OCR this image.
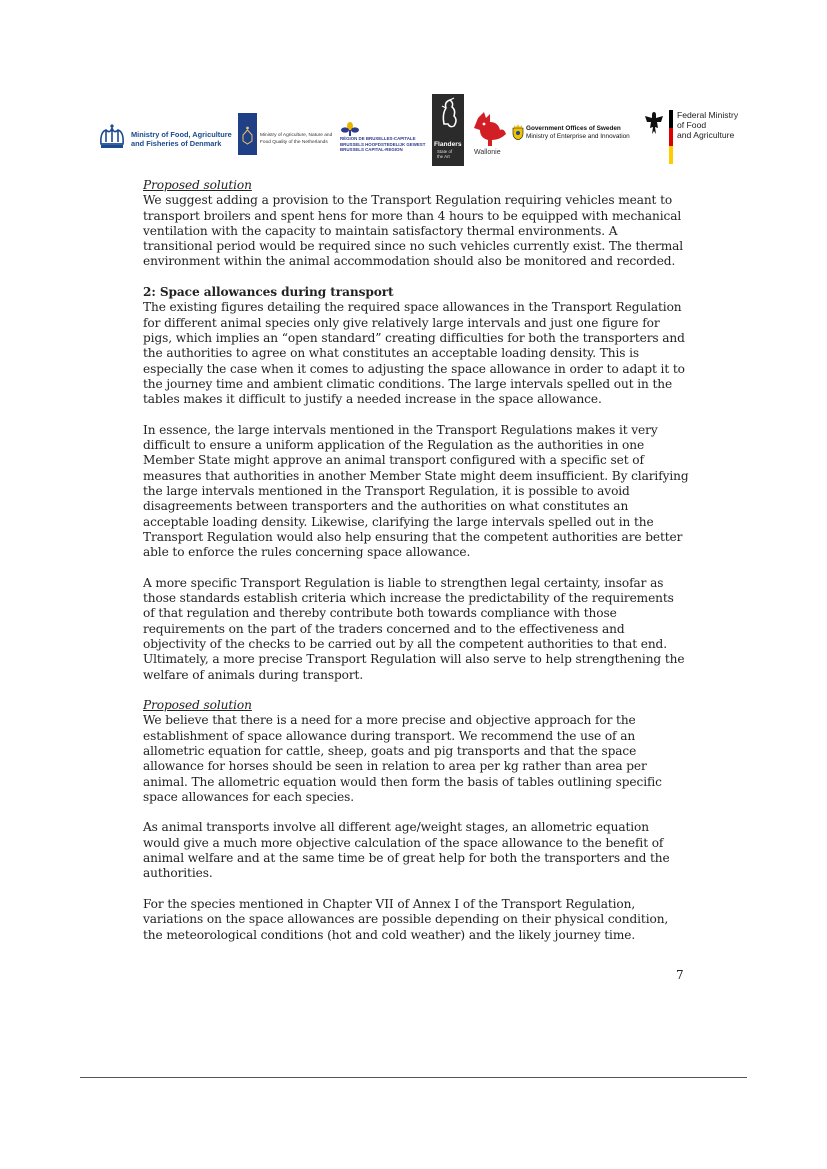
Ministry of Food, Agriculture
and Fisheries of Denmark
Ministry of Agriculture, Nature and
Food Quality of the Netherlands
RÉGION DE BRUXELLES-CAPITALE
BRUSSELS HOOFDSTEDELIJK GEWEST
BRUSSELS CAPITAL-REGION
Flanders
State of
the Art
Wallonie
Government Offices of Sweden
Ministry of Enterprise and Innovation
Federal Ministry
of Food
and Agriculture

Proposed solution

We suggest adding a provision to the Transport Regulation requiring vehicles meant to transport broilers and spent hens for more than 4 hours to be equipped with mechanical ventilation with the capacity to maintain satisfactory thermal environments. A transitional period would be required since no such vehicles currently exist. The thermal environment within the animal accommodation should also be monitored and recorded.

2: Space allowances during transport

The existing figures detailing the required space allowances in the Transport Regulation for different animal species only give relatively large intervals and just one figure for pigs, which implies an “open standard” creating difficulties for both the transporters and the authorities to agree on what constitutes an acceptable loading density. This is especially the case when it comes to adjusting the space allowance in order to adapt it to the journey time and ambient climatic conditions. The large intervals spelled out in the tables makes it difficult to justify a needed increase in the space allowance.

In essence, the large intervals mentioned in the Transport Regulations makes it very difficult to ensure a uniform application of the Regulation as the authorities in one Member State might approve an animal transport configured with a specific set of measures that authorities in another Member State might deem insufficient. By clarifying the large intervals mentioned in the Transport Regulation, it is possible to avoid disagreements between transporters and the authorities on what constitutes an acceptable loading density. Likewise, clarifying the large intervals spelled out in the Transport Regulation would also help ensuring that the competent authorities are better able to enforce the rules concerning space allowance.

A more specific Transport Regulation is liable to strengthen legal certainty, insofar as those standards establish criteria which increase the predictability of the requirements of that regulation and thereby contribute both towards compliance with those requirements on the part of the traders concerned and to the effectiveness and objectivity of the checks to be carried out by all the competent authorities to that end. Ultimately, a more precise Transport Regulation will also serve to help strengthening the welfare of animals during transport.

Proposed solution

We believe that there is a need for a more precise and objective approach for the establishment of space allowance during transport. We recommend the use of an allometric equation for cattle, sheep, goats and pig transports and that the space allowance for horses should be seen in relation to area per kg rather than area per animal. The allometric equation would then form the basis of tables outlining specific space allowances for each species.

As animal transports involve all different age/weight stages, an allometric equation would give a much more objective calculation of the space allowance to the benefit of animal welfare and at the same time be of great help for both the transporters and the authorities.

For the species mentioned in Chapter VII of Annex I of the Transport Regulation, variations on the space allowances are possible depending on their physical condition, the meteorological conditions (hot and cold weather) and the likely journey time.

7
